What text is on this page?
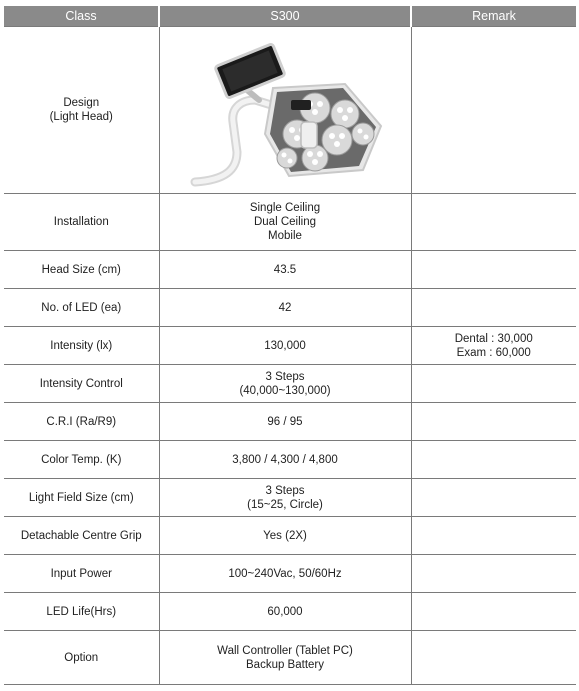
Class	S300	Remark

Design
(Light Head)

Installation	Single Ceiling
Dual Ceiling
Mobile	

Head Size (cm)	43.5	

No. of LED (ea)	42	

Intensity (lx)	130,000	Dental : 30,000
Exam : 60,000

Intensity Control	3 Steps
(40,000~130,000)	

C.R.I (Ra/R9)	96 / 95	

Color Temp. (K)	3,800 / 4,300 / 4,800	

Light Field Size (cm)	3 Steps
(15~25, Circle)	

Detachable Centre Grip	Yes (2X)	

Input Power	100~240Vac, 50/60Hz	

LED Life(Hrs)	60,000	

Option	Wall Controller (Tablet PC)
Backup Battery	
